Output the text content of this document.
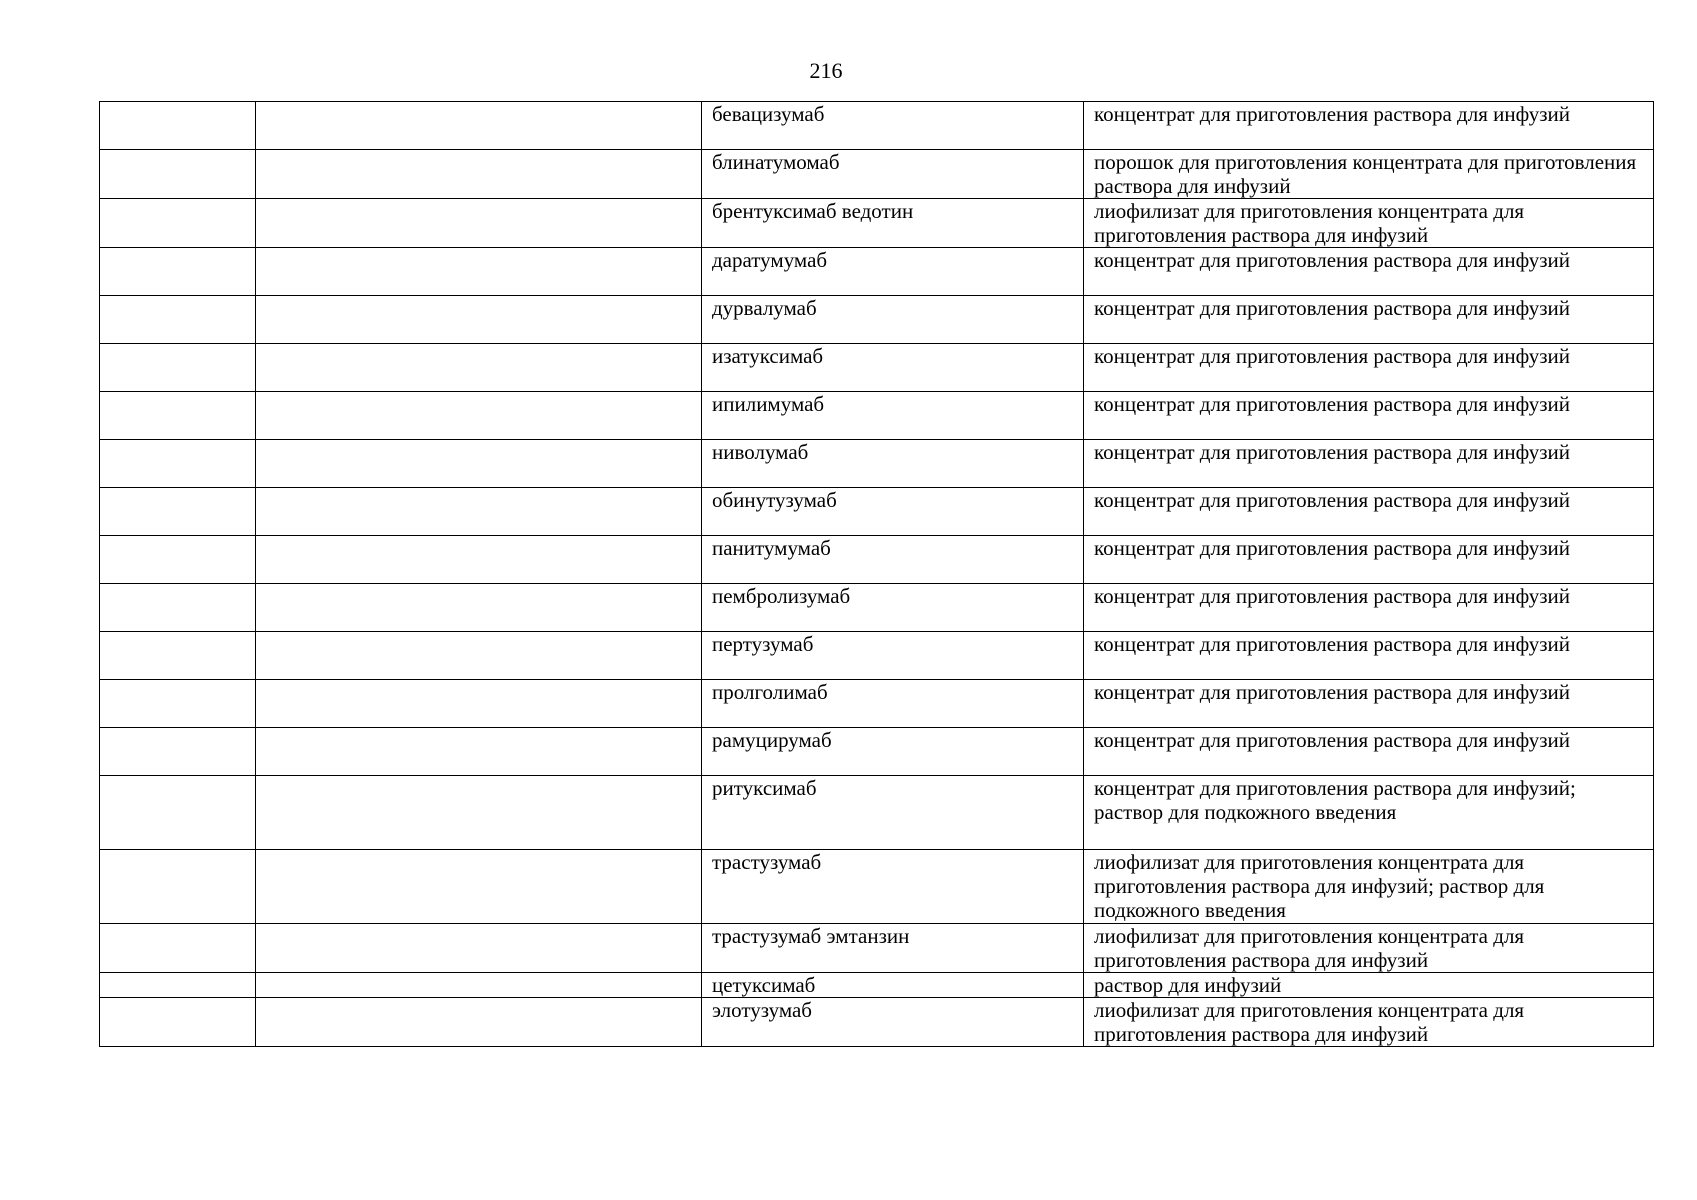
216
		бевацизумаб	концентрат для приготовления раствора для инфузий
		блинатумомаб	порошок для приготовления концентрата для приготовления раствора для инфузий
		брентуксимаб ведотин	лиофилизат для приготовления концентрата для приготовления раствора для инфузий
		даратумумаб	концентрат для приготовления раствора для инфузий
		дурвалумаб	концентрат для приготовления раствора для инфузий
		изатуксимаб	концентрат для приготовления раствора для инфузий
		ипилимумаб	концентрат для приготовления раствора для инфузий
		ниволумаб	концентрат для приготовления раствора для инфузий
		обинутузумаб	концентрат для приготовления раствора для инфузий
		панитумумаб	концентрат для приготовления раствора для инфузий
		пембролизумаб	концентрат для приготовления раствора для инфузий
		пертузумаб	концентрат для приготовления раствора для инфузий
		пролголимаб	концентрат для приготовления раствора для инфузий
		рамуцирумаб	концентрат для приготовления раствора для инфузий
		ритуксимаб	концентрат для приготовления раствора для инфузий;
раствор для подкожного введения
		трастузумаб	лиофилизат для приготовления концентрата для приготовления раствора для инфузий; раствор для подкожного введения
		трастузумаб эмтанзин	лиофилизат для приготовления концентрата для приготовления раствора для инфузий
		цетуксимаб	раствор для инфузий
		элотузумаб	лиофилизат для приготовления концентрата для приготовления раствора для инфузий
